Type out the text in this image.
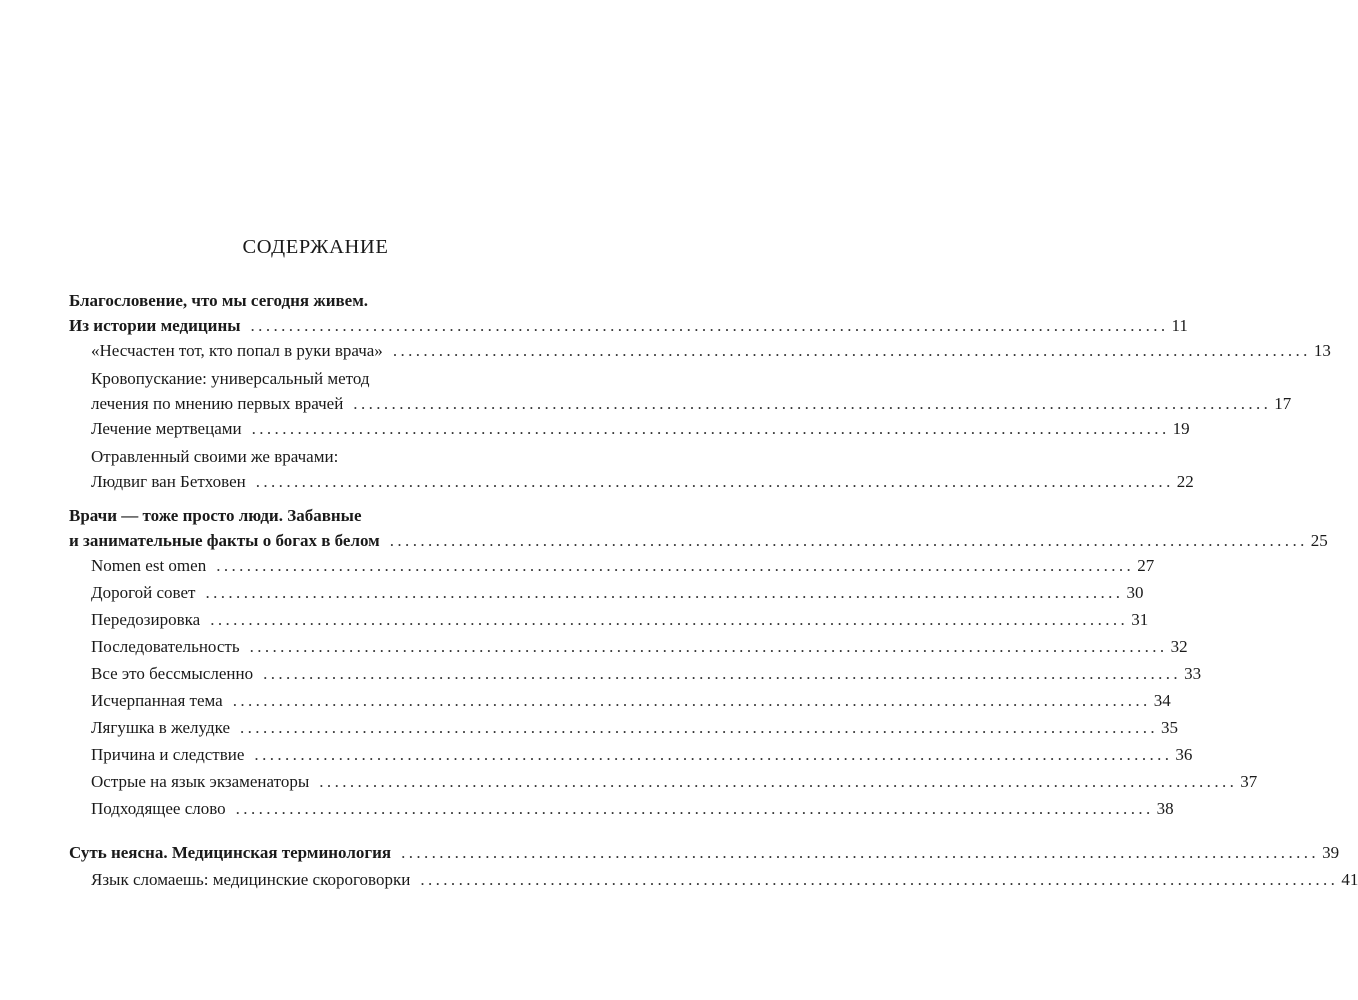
СОДЕРЖАНИЕ
Благословение, что мы сегодня живем.
Из истории медицины ........................................................................................................................ 11
«Несчастен тот, кто попал в руки врача» ........................................................................................................................ 13
Кровопускание: универсальный метод
лечения по мнению первых врачей ........................................................................................................................ 17
Лечение мертвецами ........................................................................................................................ 19
Отравленный своими же врачами:
Людвиг ван Бетховен ........................................................................................................................ 22
Врачи — тоже просто люди. Забавные
и занимательные факты о богах в белом ........................................................................................................................ 25
Nomen est omen ........................................................................................................................ 27
Дорогой совет ........................................................................................................................ 30
Передозировка ........................................................................................................................ 31
Последовательность ........................................................................................................................ 32
Все это бессмысленно ........................................................................................................................ 33
Исчерпанная тема ........................................................................................................................ 34
Лягушка в желудке ........................................................................................................................ 35
Причина и следствие ........................................................................................................................ 36
Острые на язык экзаменаторы ........................................................................................................................ 37
Подходящее слово ........................................................................................................................ 38
Суть неясна. Медицинская терминология ........................................................................................................................ 39
Язык сломаешь: медицинские скороговорки ........................................................................................................................ 41
